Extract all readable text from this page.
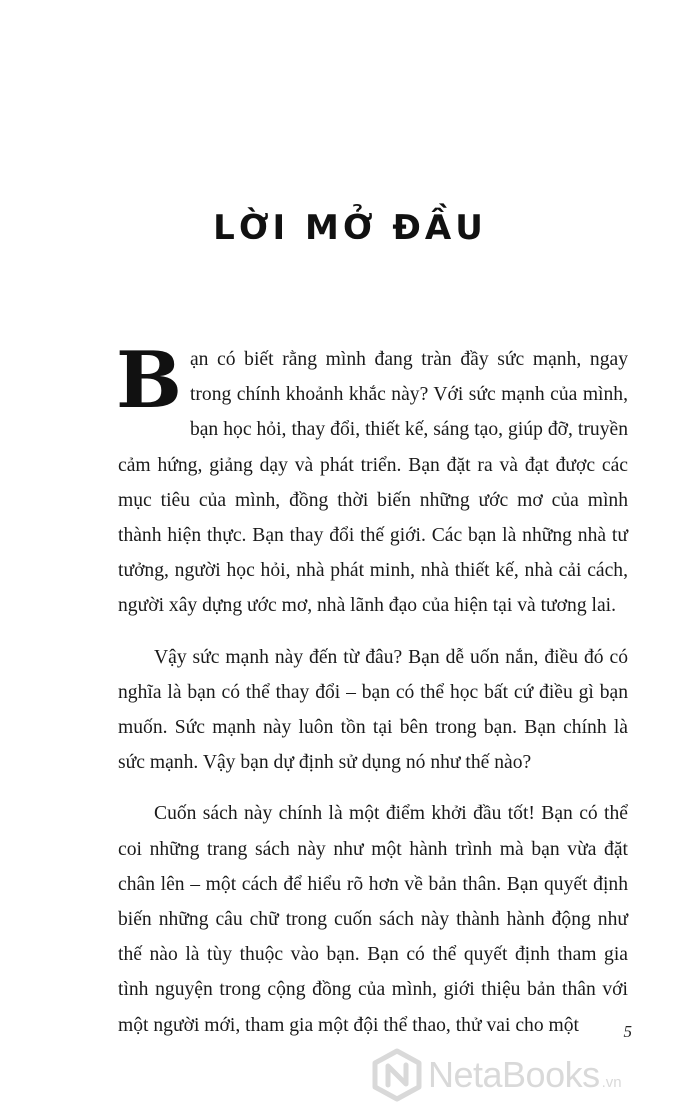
LỜI MỞ ĐẦU

Bạn có biết rằng mình đang tràn đầy sức mạnh, ngay trong chính khoảnh khắc này? Với sức mạnh của mình, bạn học hỏi, thay đổi, thiết kế, sáng tạo, giúp đỡ, truyền cảm hứng, giảng dạy và phát triển. Bạn đặt ra và đạt được các mục tiêu của mình, đồng thời biến những ước mơ của mình thành hiện thực. Bạn thay đổi thế giới. Các bạn là những nhà tư tưởng, người học hỏi, nhà phát minh, nhà thiết kế, nhà cải cách, người xây dựng ước mơ, nhà lãnh đạo của hiện tại và tương lai.

Vậy sức mạnh này đến từ đâu? Bạn dễ uốn nắn, điều đó có nghĩa là bạn có thể thay đổi – bạn có thể học bất cứ điều gì bạn muốn. Sức mạnh này luôn tồn tại bên trong bạn. Bạn chính là sức mạnh. Vậy bạn dự định sử dụng nó như thế nào?

Cuốn sách này chính là một điểm khởi đầu tốt! Bạn có thể coi những trang sách này như một hành trình mà bạn vừa đặt chân lên – một cách để hiểu rõ hơn về bản thân. Bạn quyết định biến những câu chữ trong cuốn sách này thành hành động như thế nào là tùy thuộc vào bạn. Bạn có thể quyết định tham gia tình nguyện trong cộng đồng của mình, giới thiệu bản thân với một người mới, tham gia một đội thể thao, thử vai cho một	5
NetaBooks .vn
